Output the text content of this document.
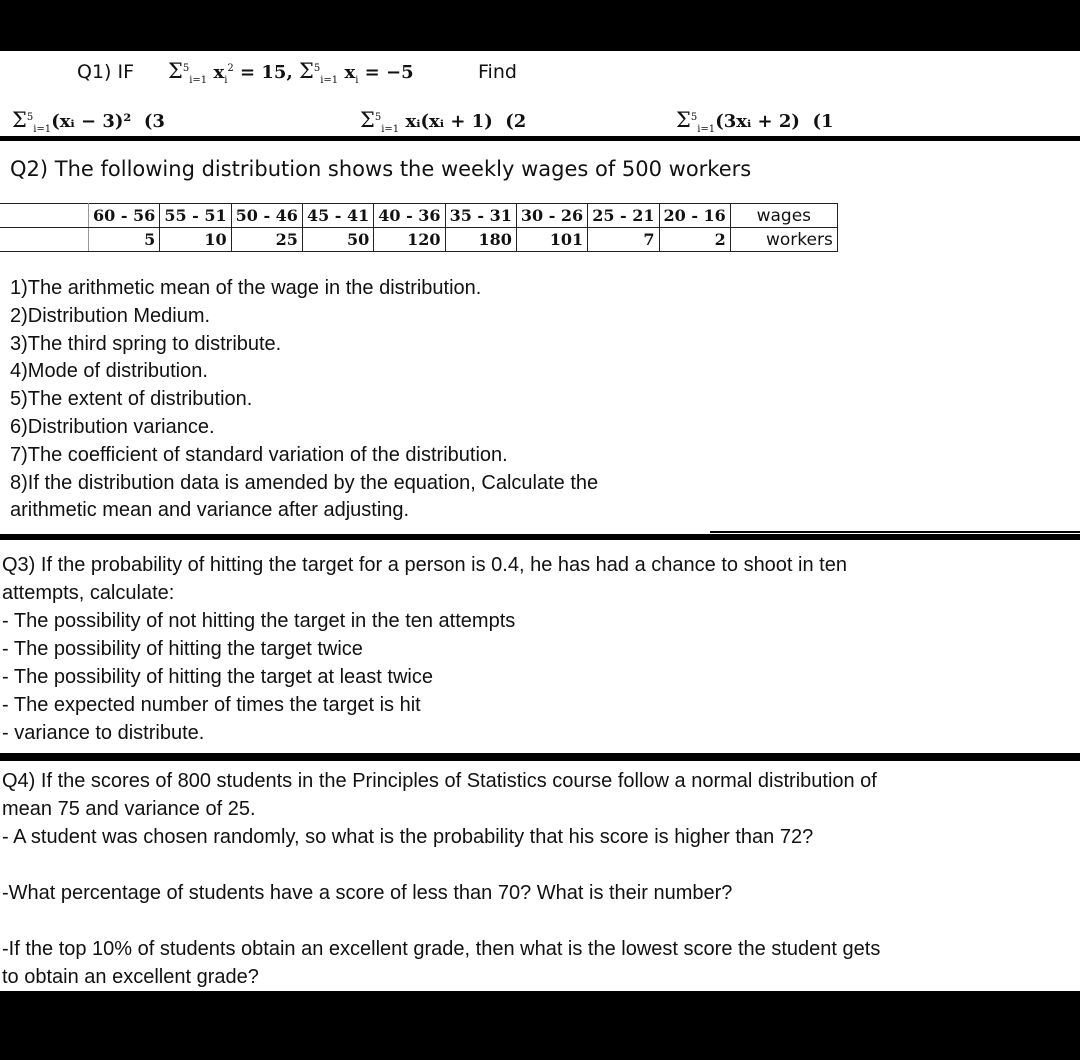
Q1) IF $\Sigma^5_{i=1}$ $x_i^2 = 15$, $\Sigma^5_{i=1}$ $x_i = -5$	Find
$\Sigma^5_{i=1}(xᵢ - 3)^2$ (3	$\Sigma^5_{i=1}$ xᵢ(xᵢ + 1) (2	$\Sigma^5_{i=1}(3xᵢ + 2)$ (1
Q2) The following distribution shows the weekly wages of 500 workers
	60 - 56	55 - 51	50 - 46	45 - 41	40 - 36	35 - 31	30 - 26	25 - 21	20 - 16	wages
	5	10	25	50	120	180	101	7	2	workers
1)The arithmetic mean of the wage in the distribution.
2)Distribution Medium.
3)The third spring to distribute.
4)Mode of distribution.
5)The extent of distribution.
6)Distribution variance.
7)The coefficient of standard variation of the distribution.
8)If the distribution data is amended by the equation, Calculate the
arithmetic mean and variance after adjusting.
Q3) If the probability of hitting the target for a person is 0.4, he has had a chance to shoot in ten
attempts, calculate:
- The possibility of not hitting the target in the ten attempts
- The possibility of hitting the target twice
- The possibility of hitting the target at least twice
- The expected number of times the target is hit
- variance to distribute.
Q4) If the scores of 800 students in the Principles of Statistics course follow a normal distribution of
mean 75 and variance of 25.
- A student was chosen randomly, so what is the probability that his score is higher than 72?
-What percentage of students have a score of less than 70? What is their number?
-If the top 10% of students obtain an excellent grade, then what is the lowest score the student gets
to obtain an excellent grade?
